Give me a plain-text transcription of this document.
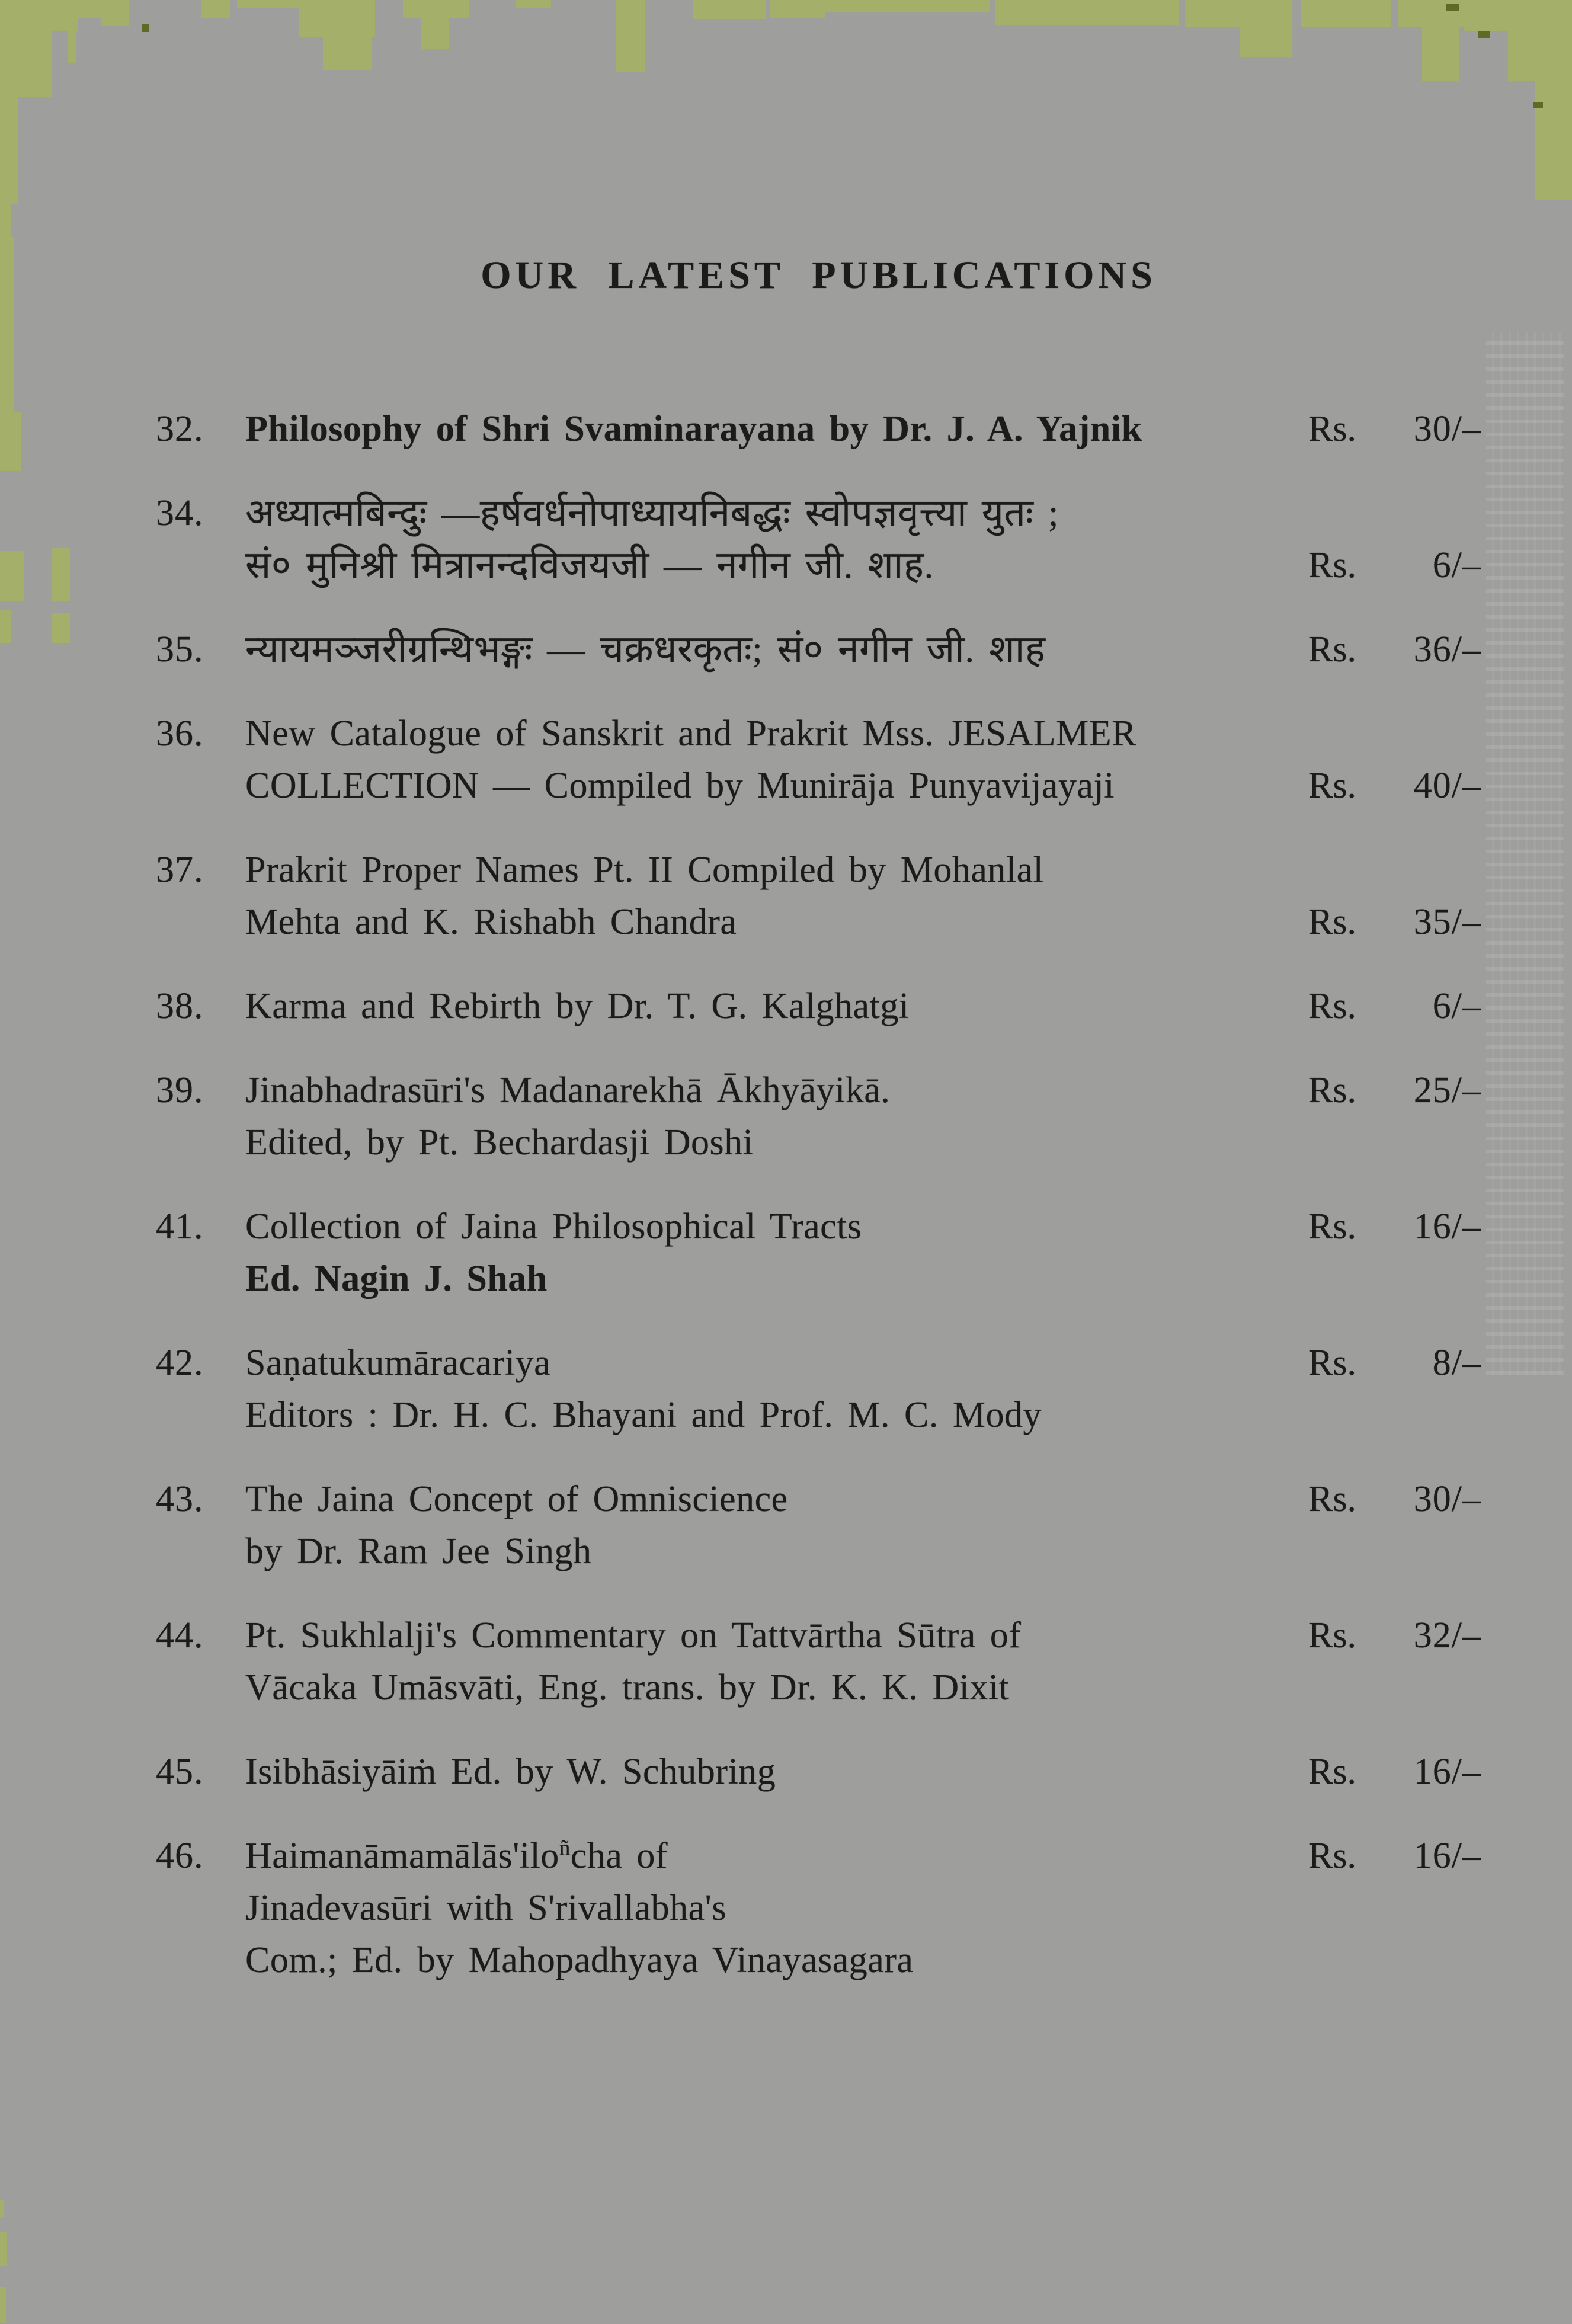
OUR LATEST PUBLICATIONS
32.	Philosophy of Shri Svaminarayana by Dr. J. A. Yajnik	Rs.	30/–
34.	अध्यात्मबिन्दुः —हर्षवर्धनोपाध्यायनिबद्धः स्वोपज्ञवृत्त्या युतः ;
सं० मुनिश्री मित्रानन्दविजयजी — नगीन जी. शाह.	Rs.	6/–
35.	न्यायमञ्जरीग्रन्थिभङ्गः — चक्रधरकृतः; सं० नगीन जी. शाह	Rs.	36/–
36.	New Catalogue of Sanskrit and Prakrit Mss. JESALMER
COLLECTION — Compiled by Munirāja Punyavijayaji	Rs.	40/–
37.	Prakrit Proper Names Pt. II Compiled by Mohanlal
Mehta and K. Rishabh Chandra	Rs.	35/–
38.	Karma and Rebirth by Dr. T. G. Kalghatgi	Rs.	6/–
39.	Jinabhadrasūri's Madanarekhā Ākhyāyikā.
Edited, by Pt. Bechardasji Doshi
Rs.	25/–
41.	Collection of Jaina Philosophical Tracts
Ed. Nagin J. Shah
Rs.	16/–
42.	Saṇatukumāracariya
Editors : Dr. H. C. Bhayani and Prof. M. C. Mody
Rs.	8/–
43.	The Jaina Concept of Omniscience
by Dr. Ram Jee Singh
Rs.	30/–
44.	Pt. Sukhlalji's Commentary on Tattvārtha Sūtra of
Vācaka Umāsvāti, Eng. trans. by Dr. K. K. Dixit
Rs.	32/–
45.	Isibhāsiyāiṁ Ed. by W. Schubring	Rs.	16/–
46.	Haimanāmamālās'ilo$^ñ$cha of
Jinadevasūri with S'rivallabha's
Com.; Ed. by Mahopadhyaya Vinayasagara
Rs.	16/–
